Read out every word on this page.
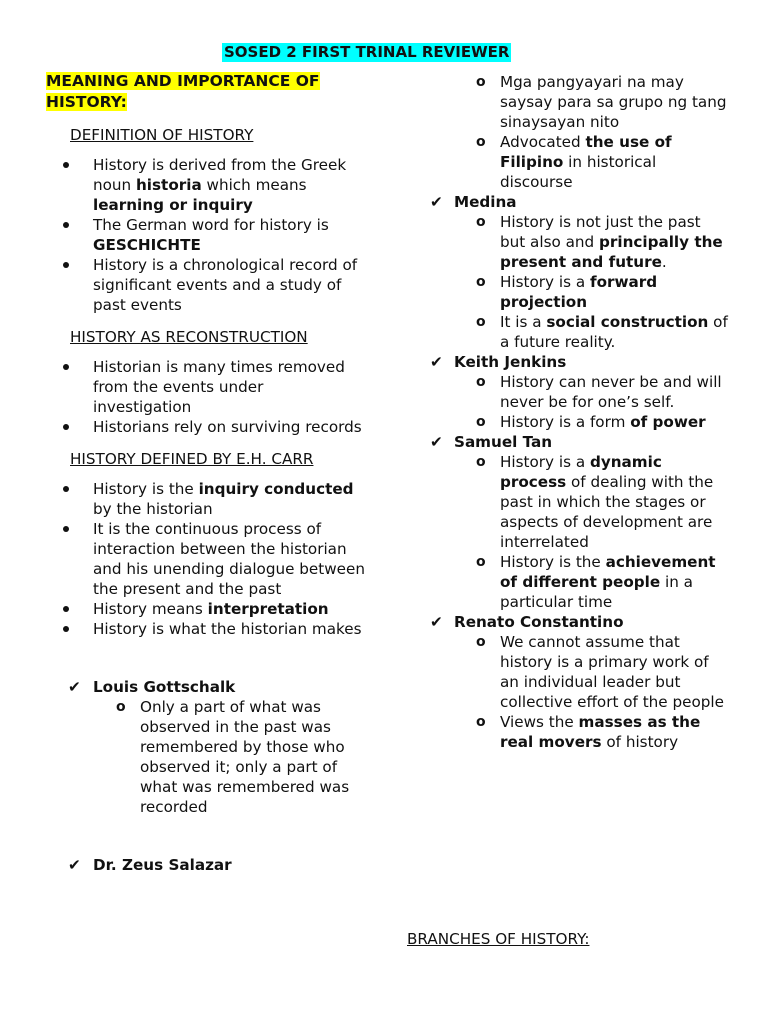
SOSED 2 FIRST TRINAL REVIEWER
MEANING AND IMPORTANCE OF HISTORY:
DEFINITION OF HISTORY
History is derived from the Greek noun historia which means learning or inquiry
The German word for history is GESCHICHTE
History is a chronological record of significant events and a study of past events
HISTORY AS RECONSTRUCTION
Historian is many times removed from the events under investigation
Historians rely on surviving records
HISTORY DEFINED BY E.H. CARR
History is the inquiry conducted by the historian
It is the continuous process of interaction between the historian and his unending dialogue between the present and the past
History means interpretation
History is what the historian makes
✔ Louis Gottschalk
o Only a part of what was observed in the past was remembered by those who observed it; only a part of what was remembered was recorded
✔ Dr. Zeus Salazar
o Mga pangyayari na may saysay para sa grupo ng tang sinaysayan nito
o Advocated the use of Filipino in historical discourse
✔ Medina
o History is not just the past but also and principally the present and future.
o History is a forward projection
o It is a social construction of a future reality.
✔ Keith Jenkins
o History can never be and will never be for one’s self.
o History is a form of power
✔ Samuel Tan
o History is a dynamic process of dealing with the past in which the stages or aspects of development are interrelated
o History is the achievement of different people in a particular time
✔ Renato Constantino
o We cannot assume that history is a primary work of an individual leader but collective effort of the people
o Views the masses as the real movers of history
BRANCHES OF HISTORY:
